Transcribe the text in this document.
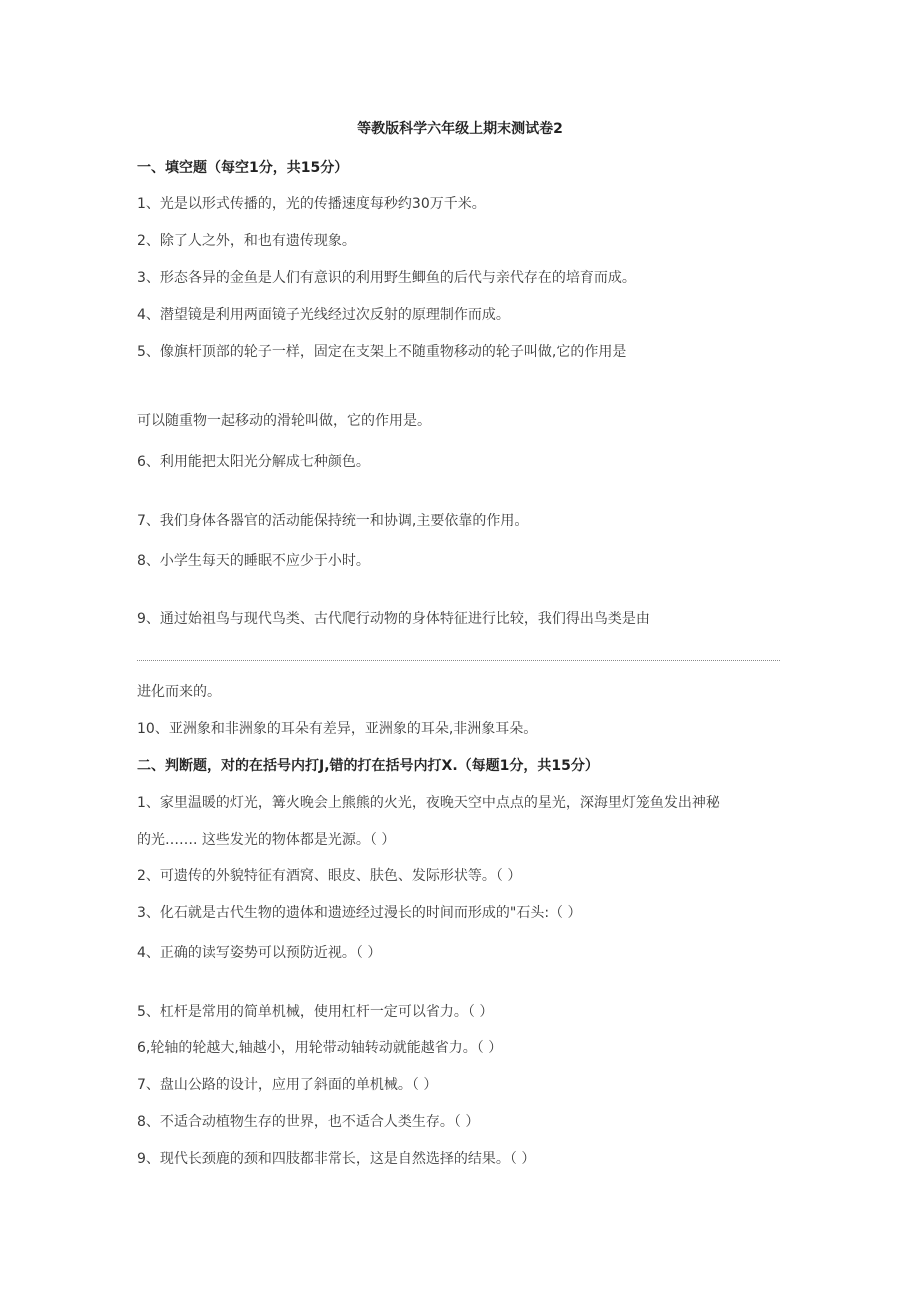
等教版科学六年级上期末测试卷2
一、填空题（每空1分，共15分）
1、光是以形式传播的，光的传播速度每秒约30万千米。
2、除了人之外，和也有遗传现象。
3、形态各异的金鱼是人们有意识的利用野生鲫鱼的后代与亲代存在的培育而成。
4、潜望镜是利用两面镜子光线经过次反射的原理制作而成。
5、像旗杆顶部的轮子一样，固定在支架上不随重物移动的轮子叫做,它的作用是
可以随重物一起移动的滑轮叫做，它的作用是。
6、利用能把太阳光分解成七种颜色。
7、我们身体各器官的活动能保持统一和协调,主要依靠的作用。
8、小学生每天的睡眠不应少于小时。
9、通过始祖鸟与现代鸟类、古代爬行动物的身体特征进行比较，我们得出鸟类是由
进化而来的。
10、亚洲象和非洲象的耳朵有差异，亚洲象的耳朵,非洲象耳朵。
二、判断题，对的在括号内打J,错的打在括号内打X.（每题1分，共15分）
1、家里温暖的灯光，篝火晚会上熊熊的火光，夜晚天空中点点的星光，深海里灯笼鱼发出神秘
的光……. 这些发光的物体都是光源。（ ）
2、可遗传的外貌特征有酒窝、眼皮、肤色、发际形状等。（ ）
3、化石就是古代生物的遗体和遗迹经过漫长的时间而形成的"石头:（ ）
4、正确的读写姿势可以预防近视。（ ）
5、杠杆是常用的简单机械，使用杠杆一定可以省力。（ ）
6,轮轴的轮越大,轴越小，用轮带动轴转动就能越省力。（ ）
7、盘山公路的设计，应用了斜面的单机械。（ ）
8、不适合动植物生存的世界，也不适合人类生存。（ ）
9、现代长颈鹿的颈和四肢都非常长，这是自然选择的结果。（ ）
